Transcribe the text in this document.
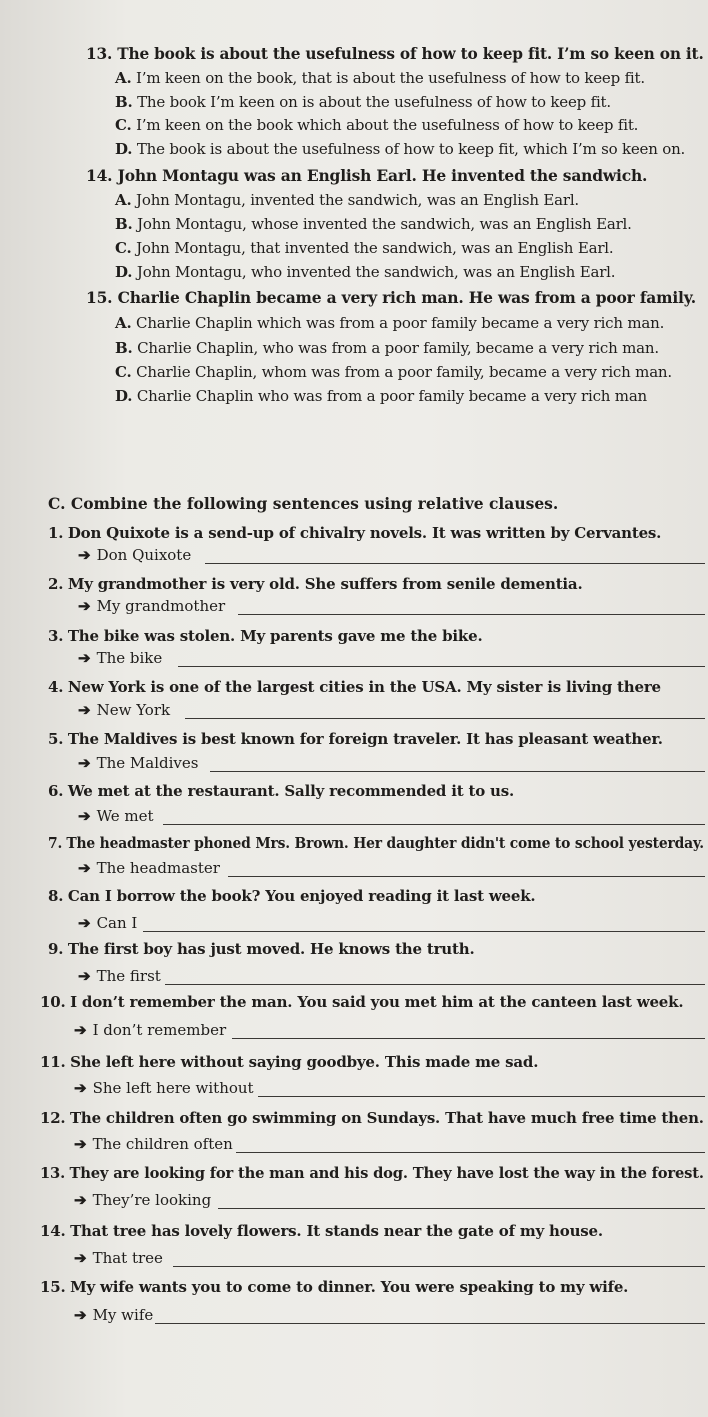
13. The book is about the usefulness of how to keep fit. I’m so keen on it.
A. I’m keen on the book, that is about the usefulness of how to keep fit.
B. The book I’m keen on is about the usefulness of how to keep fit.
C. I’m keen on the book which about the usefulness of how to keep fit.
D. The book is about the usefulness of how to keep fit, which I’m so keen on.
14. John Montagu was an English Earl. He invented the sandwich.
A. John Montagu, invented the sandwich, was an English Earl.
B. John Montagu, whose invented the sandwich, was an English Earl.
C. John Montagu, that invented the sandwich, was an English Earl.
D. John Montagu, who invented the sandwich, was an English Earl.
15. Charlie Chaplin became a very rich man. He was from a poor family.
A. Charlie Chaplin which was from a poor family became a very rich man.
B. Charlie Chaplin, who was from a poor family, became a very rich man.
C. Charlie Chaplin, whom was from a poor family, became a very rich man.
D. Charlie Chaplin who was from a poor family became a very rich man
C. Combine the following sentences using relative clauses.
1. Don Quixote is a send-up of chivalry novels. It was written by Cervantes.
➔ Don Quixote
2. My grandmother is very old. She suffers from senile dementia.
➔ My grandmother
3. The bike was stolen. My parents gave me the bike.
➔ The bike
4. New York is one of the largest cities in the USA. My sister is living there
➔ New York
5. The Maldives is best known for foreign traveler. It has pleasant weather.
➔ The Maldives
6. We met at the restaurant. Sally recommended it to us.
➔ We met
7. The headmaster phoned Mrs. Brown. Her daughter didn't come to school yesterday.
➔ The headmaster
8. Can I borrow the book? You enjoyed reading it last week.
➔ Can I
9. The first boy has just moved. He knows the truth.
➔ The first
10. I don’t remember the man. You said you met him at the canteen last week.
➔ I don’t remember
11. She left here without saying goodbye. This made me sad.
➔ She left here without
12. The children often go swimming on Sundays. That have much free time then.
➔ The children often
13. They are looking for the man and his dog. They have lost the way in the forest.
➔ They’re looking
14. That tree has lovely flowers. It stands near the gate of my house.
➔ That tree
15. My wife wants you to come to dinner. You were speaking to my wife.
➔ My wife
